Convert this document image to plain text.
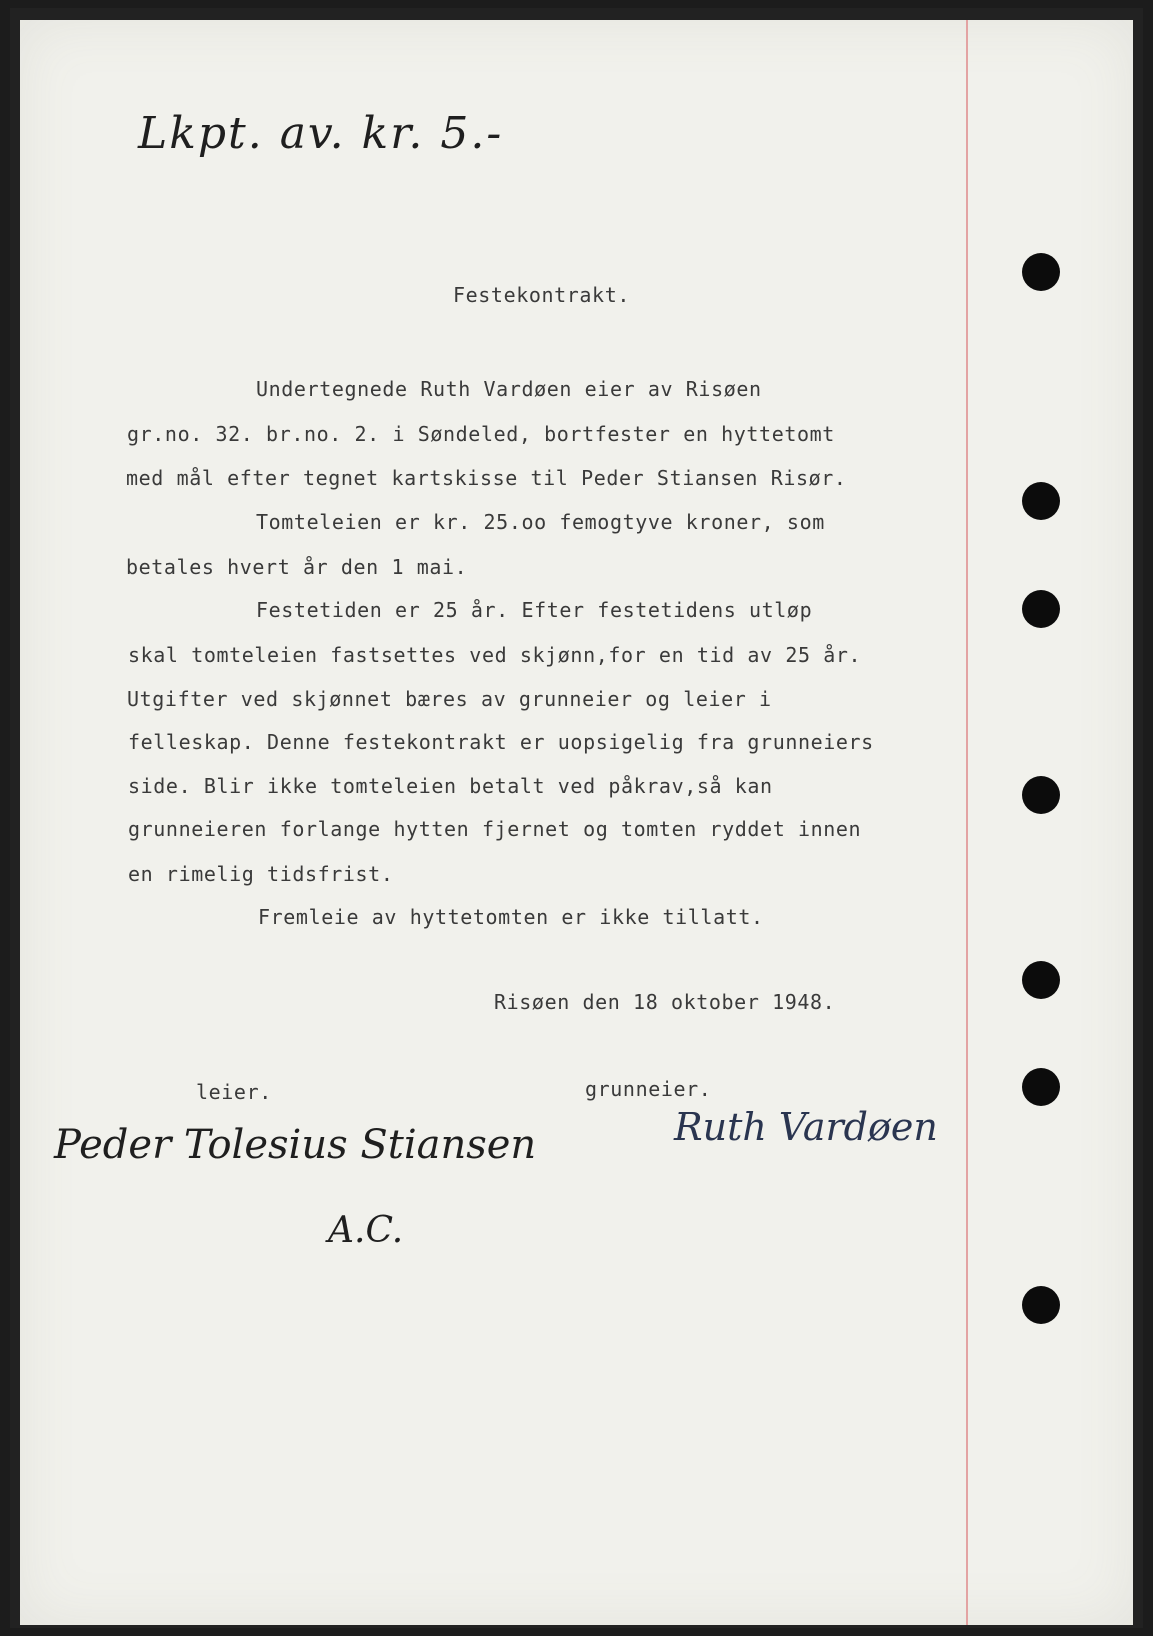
Lkpt. av. kr. 5.-
Festekontrakt.
Undertegnede Ruth Vardøen eier av Risøen
gr.no. 32. br.no. 2. i Søndeled, bortfester en hyttetomt
med mål efter tegnet kartskisse til Peder Stiansen Risør.
Tomteleien er kr. 25.oo femogtyve kroner, som
betales hvert år den 1 mai.
Festetiden er 25 år. Efter festetidens utløp
skal tomteleien fastsettes ved skjønn,for en tid av 25 år.
Utgifter ved skjønnet bæres av grunneier og leier i
felleskap. Denne festekontrakt er uopsigelig fra grunneiers
side. Blir ikke tomteleien betalt ved påkrav,så kan
grunneieren forlange hytten fjernet og tomten ryddet innen
en rimelig tidsfrist.
Fremleie av hyttetomten er ikke tillatt.
Risøen den 18 oktober 1948.
leier.	grunneier.
Peder Tolesius Stiansen
A.C.
Ruth Vardøen
